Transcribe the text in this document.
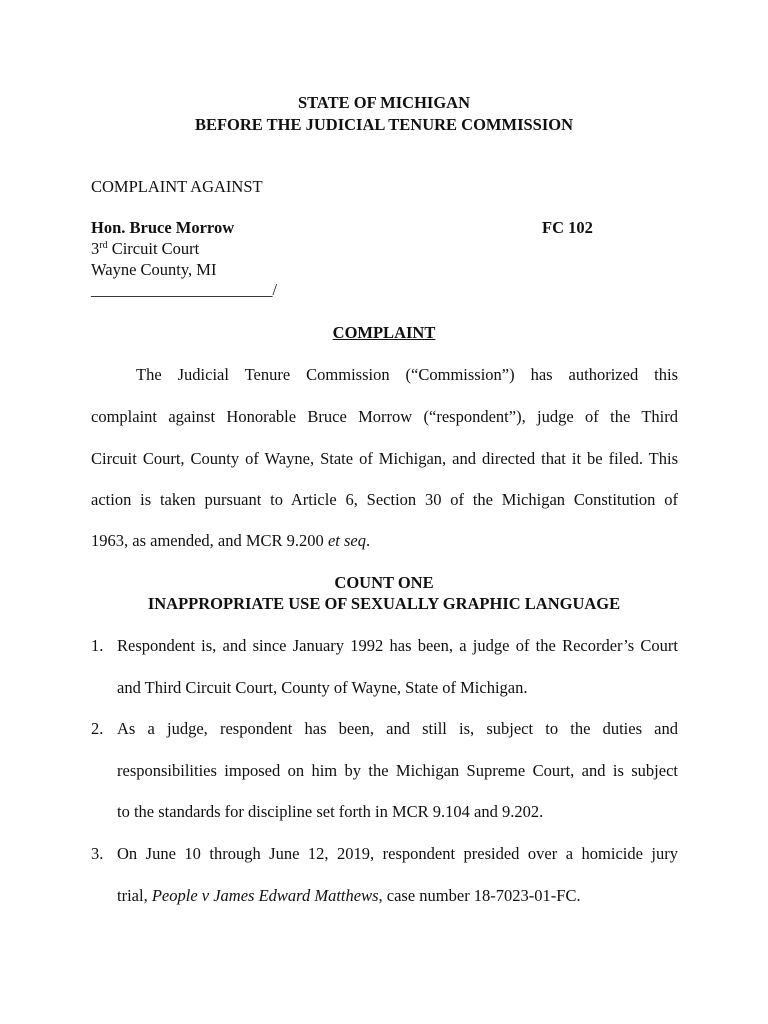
STATE OF MICHIGAN
BEFORE THE JUDICIAL TENURE COMMISSION
COMPLAINT AGAINST
Hon. Bruce Morrow	FC 102
3rd Circuit Court
Wayne County, MI
______________________/
COMPLAINT
The Judicial Tenure Commission (“Commission”) has authorized this
complaint against Honorable Bruce Morrow (“respondent”), judge of the Third
Circuit Court, County of Wayne, State of Michigan, and directed that it be filed. This
action is taken pursuant to Article 6, Section 30 of the Michigan Constitution of
1963, as amended, and MCR 9.200 et seq.
COUNT ONE
INAPPROPRIATE USE OF SEXUALLY GRAPHIC LANGUAGE
1. Respondent is, and since January 1992 has been, a judge of the Recorder’s Court
and Third Circuit Court, County of Wayne, State of Michigan.
2. As a judge, respondent has been, and still is, subject to the duties and
responsibilities imposed on him by the Michigan Supreme Court, and is subject
to the standards for discipline set forth in MCR 9.104 and 9.202.
3. On June 10 through June 12, 2019, respondent presided over a homicide jury
trial, People v James Edward Matthews, case number 18-7023-01-FC.
